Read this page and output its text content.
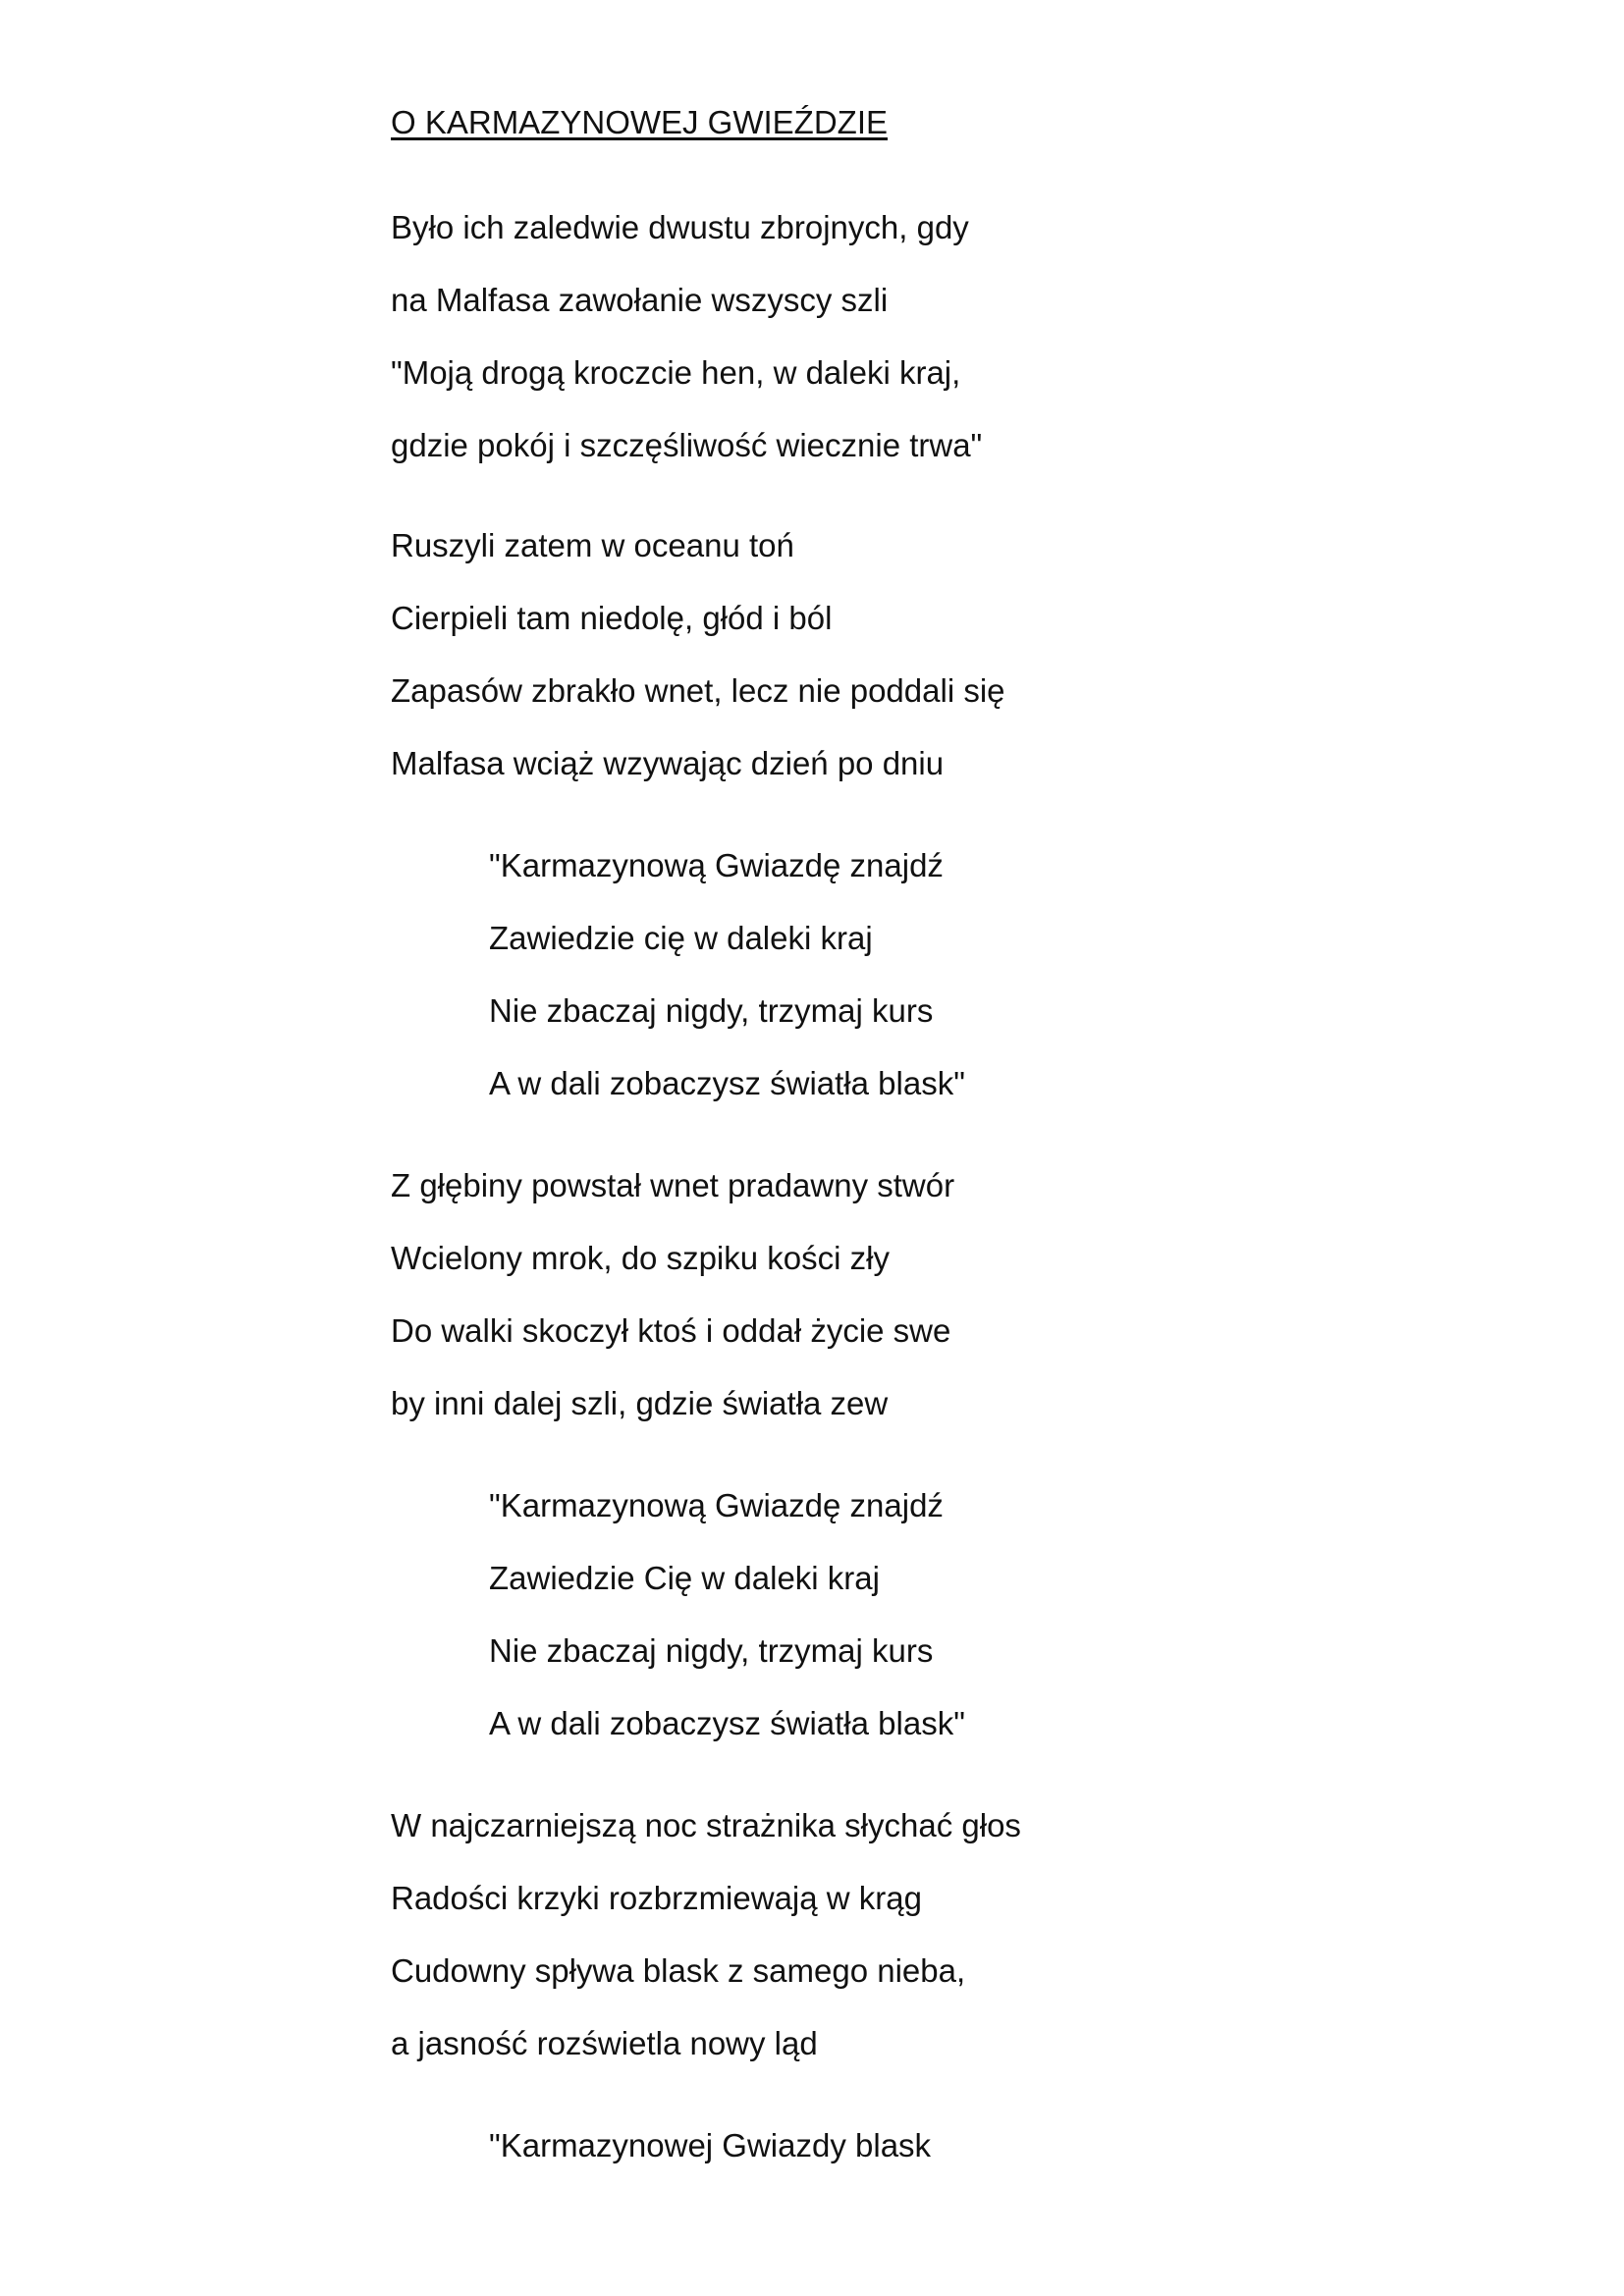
O KARMAZYNOWEJ GWIEŹDZIE
Było ich zaledwie dwustu zbrojnych, gdy
na Malfasa zawołanie wszyscy szli
"Moją drogą kroczcie hen, w daleki kraj,
gdzie pokój i szczęśliwość wiecznie trwa"
Ruszyli zatem w oceanu toń
Cierpieli tam niedolę, głód i ból
Zapasów zbrakło wnet, lecz nie poddali się
Malfasa wciąż wzywając dzień po dniu
"Karmazynową Gwiazdę znajdź
Zawiedzie cię w daleki kraj
Nie zbaczaj nigdy, trzymaj kurs
A w dali zobaczysz światła blask"
Z głębiny powstał wnet pradawny stwór
Wcielony mrok, do szpiku kości zły
Do walki skoczył ktoś i oddał życie swe
by inni dalej szli, gdzie światła zew
"Karmazynową Gwiazdę znajdź
Zawiedzie Cię w daleki kraj
Nie zbaczaj nigdy, trzymaj kurs
A w dali zobaczysz światła blask"
W najczarniejszą noc strażnika słychać głos
Radości krzyki rozbrzmiewają w krąg
Cudowny spływa blask z samego nieba,
a jasność rozświetla nowy ląd
"Karmazynowej Gwiazdy blask
